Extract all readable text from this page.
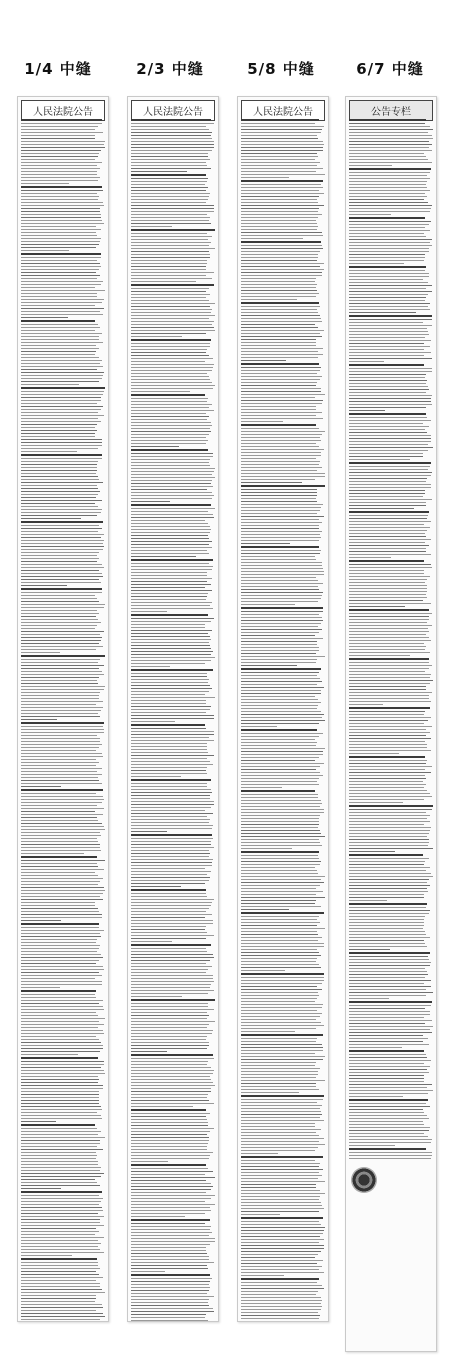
1/4 中缝	2/3 中缝	5/8 中缝	6/7 中缝
人民法院公告	人民法院公告	人民法院公告	公告专栏
